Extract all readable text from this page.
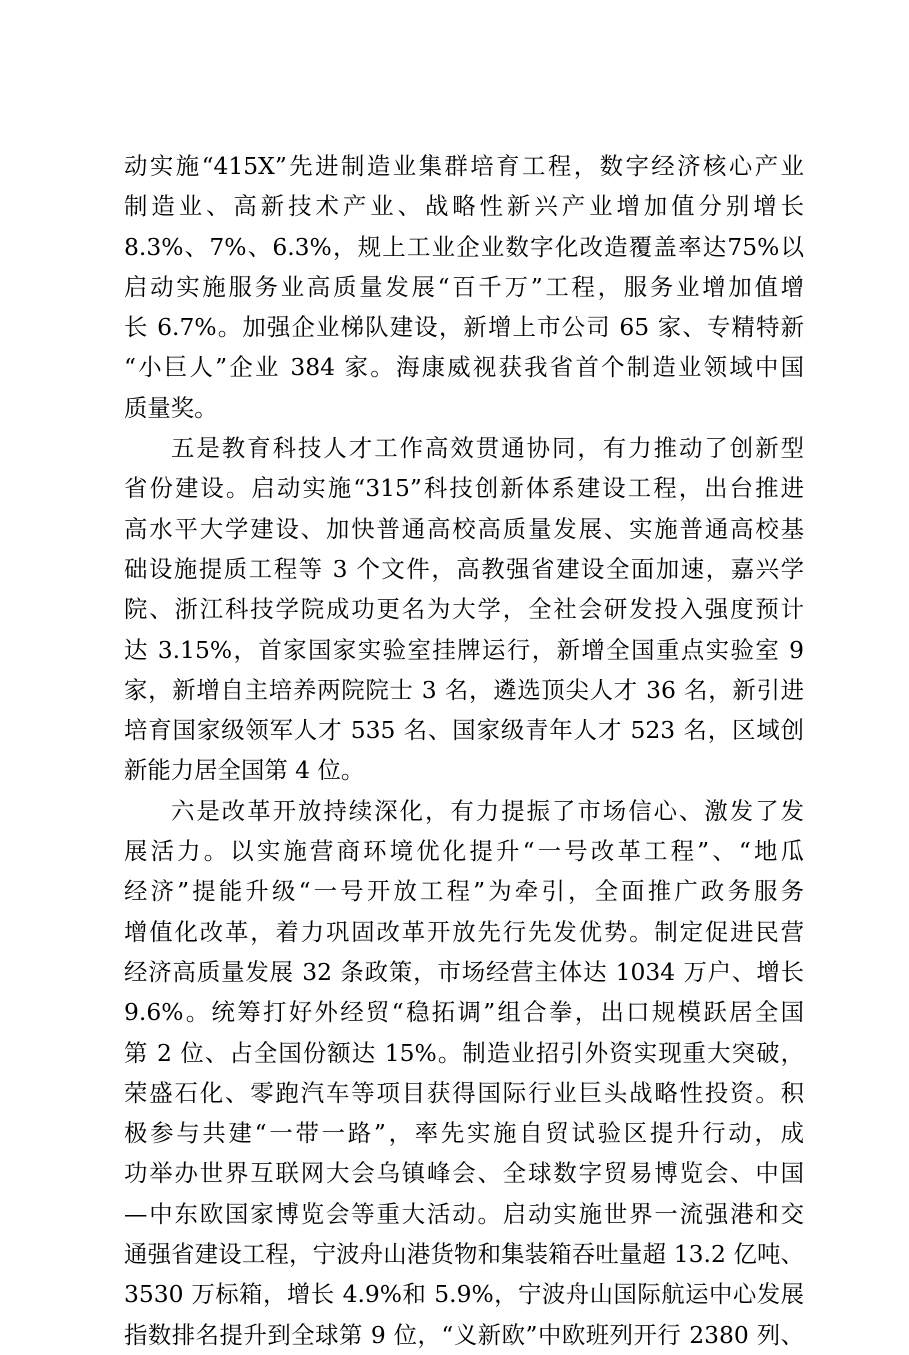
动实施“415X”先进制造业集群培育工程，数字经济核心产业
制造业、高新技术产业、战略性新兴产业增加值分别增长
8.3%、7%、6.3%，规上工业企业数字化改造覆盖率达75%以
启动实施服务业高质量发展“百千万”工程，服务业增加值增
长 6.7%。加强企业梯队建设，新增上市公司 65 家、专精特新
“小巨人”企业 384 家。海康威视获我省首个制造业领域中国
质量奖。
五是教育科技人才工作高效贯通协同，有力推动了创新型
省份建设。启动实施“315”科技创新体系建设工程，出台推进
高水平大学建设、加快普通高校高质量发展、实施普通高校基
础设施提质工程等 3 个文件，高教强省建设全面加速，嘉兴学
院、浙江科技学院成功更名为大学，全社会研发投入强度预计
达 3.15%，首家国家实验室挂牌运行，新增全国重点实验室 9
家，新增自主培养两院院士 3 名，遴选顶尖人才 36 名，新引进
培育国家级领军人才 535 名、国家级青年人才 523 名，区域创
新能力居全国第 4 位。
六是改革开放持续深化，有力提振了市场信心、激发了发
展活力。以实施营商环境优化提升“一号改革工程”、“地瓜
经济”提能升级“一号开放工程”为牵引，全面推广政务服务
增值化改革，着力巩固改革开放先行先发优势。制定促进民营
经济高质量发展 32 条政策，市场经营主体达 1034 万户、增长
9.6%。统筹打好外经贸“稳拓调”组合拳，出口规模跃居全国
第 2 位、占全国份额达 15%。制造业招引外资实现重大突破，
荣盛石化、零跑汽车等项目获得国际行业巨头战略性投资。积
极参与共建“一带一路”，率先实施自贸试验区提升行动，成
功举办世界互联网大会乌镇峰会、全球数字贸易博览会、中国
—中东欧国家博览会等重大活动。启动实施世界一流强港和交
通强省建设工程，宁波舟山港货物和集装箱吞吐量超 13.2 亿吨、
3530 万标箱，增长 4.9%和 5.9%，宁波舟山国际航运中心发展
指数排名提升到全球第 9 位，“义新欧”中欧班列开行 2380 列、
